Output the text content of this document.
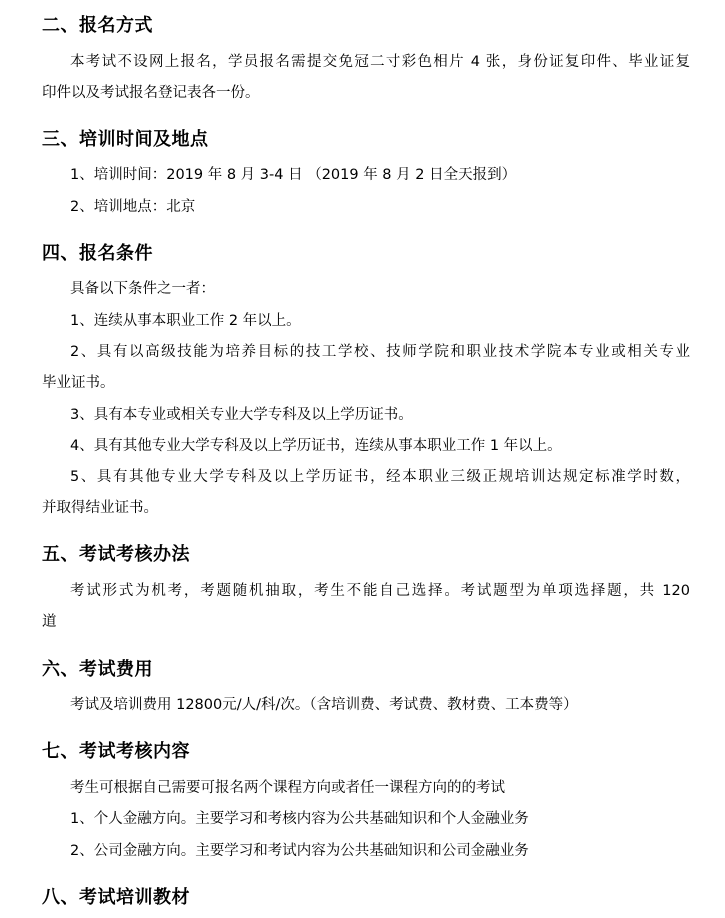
二、报名方式
本考试不设网上报名，学员报名需提交免冠二寸彩色相片 4 张，身份证复印件、毕业证复
印件以及考试报名登记表各一份。
三、培训时间及地点
1、培训时间：2019 年 8 月 3-4 日 （2019 年 8 月 2 日全天报到）
2、培训地点：北京
四、报名条件
具备以下条件之一者：
1、连续从事本职业工作 2 年以上。
2、具有以高级技能为培养目标的技工学校、技师学院和职业技术学院本专业或相关专业
毕业证书。
3、具有本专业或相关专业大学专科及以上学历证书。
4、具有其他专业大学专科及以上学历证书，连续从事本职业工作 1 年以上。
5、具有其他专业大学专科及以上学历证书，经本职业三级正规培训达规定标准学时数，
并取得结业证书。
五、考试考核办法
考试形式为机考，考题随机抽取，考生不能自己选择。考试题型为单项选择题，共 120
道
六、考试费用
考试及培训费用 12800元/人/科/次。（含培训费、考试费、教材费、工本费等）
七、考试考核内容
考生可根据自己需要可报名两个课程方向或者任一课程方向的的考试
1、个人金融方向。主要学习和考核内容为公共基础知识和个人金融业务
2、公司金融方向。主要学习和考试内容为公共基础知识和公司金融业务
八、考试培训教材
